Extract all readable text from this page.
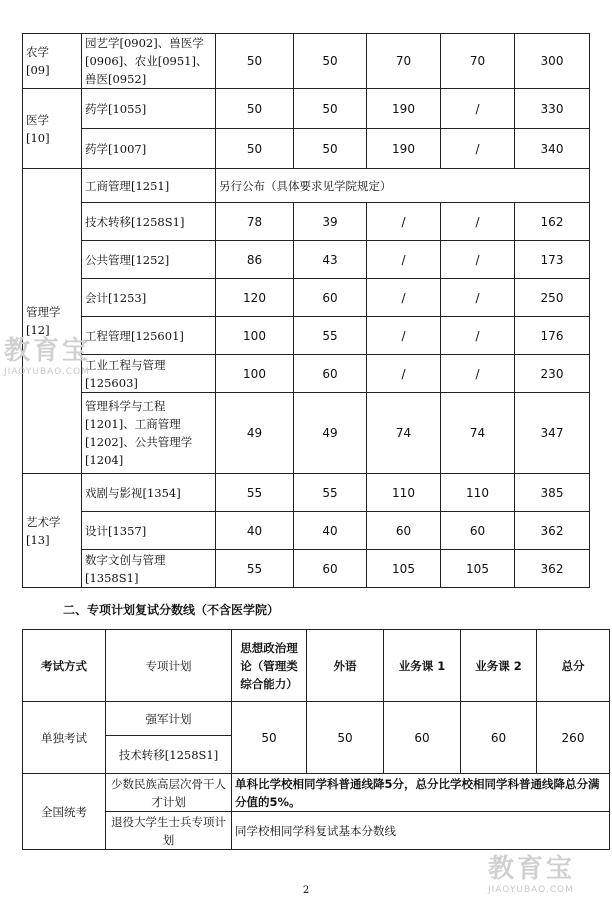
农学
[09]	园艺学[0902]、兽医学[0906]、农业[0951]、兽医[0952]	50	50	70	70	300
医学
[10]	药学[1055]	50	50	190	/	330
	药学[1007]	50	50	190	/	340
管理学
[12]	工商管理[1251]	另行公布（具体要求见学院规定）				
	技术转移[1258S1]	78	39	/	/	162
	公共管理[1252]	86	43	/	/	173
	会计[1253]	120	60	/	/	250
	工程管理[125601]	100	55	/	/	176
	工业工程与管理[125603]	100	60	/	/	230
	管理科学与工程[1201]、工商管理[1202]、公共管理学[1204]	49	49	74	74	347
艺术学
[13]	戏剧与影视[1354]	55	55	110	110	385
	设计[1357]	40	40	60	60	362
	数字文创与管理[1358S1]	55	60	105	105	362
二、专项计划复试分数线（不含医学院）
考试方式	专项计划	思想政治理论（管理类综合能力）	外语	业务课 1	业务课 2	总分
单独考试	强军计划	50	50	60	60	260
	技术转移[1258S1]					
全国统考	少数民族高层次骨干人才计划	单科比学校相同学科普通线降5分，总分比学校相同学科普通线降总分满分值的5%。				
	退役大学生士兵专项计划	同学校相同学科复试基本分数线				
2
教育宝
JIAOYUBAO.COM
教育宝
JIAOYUBAO.COM
